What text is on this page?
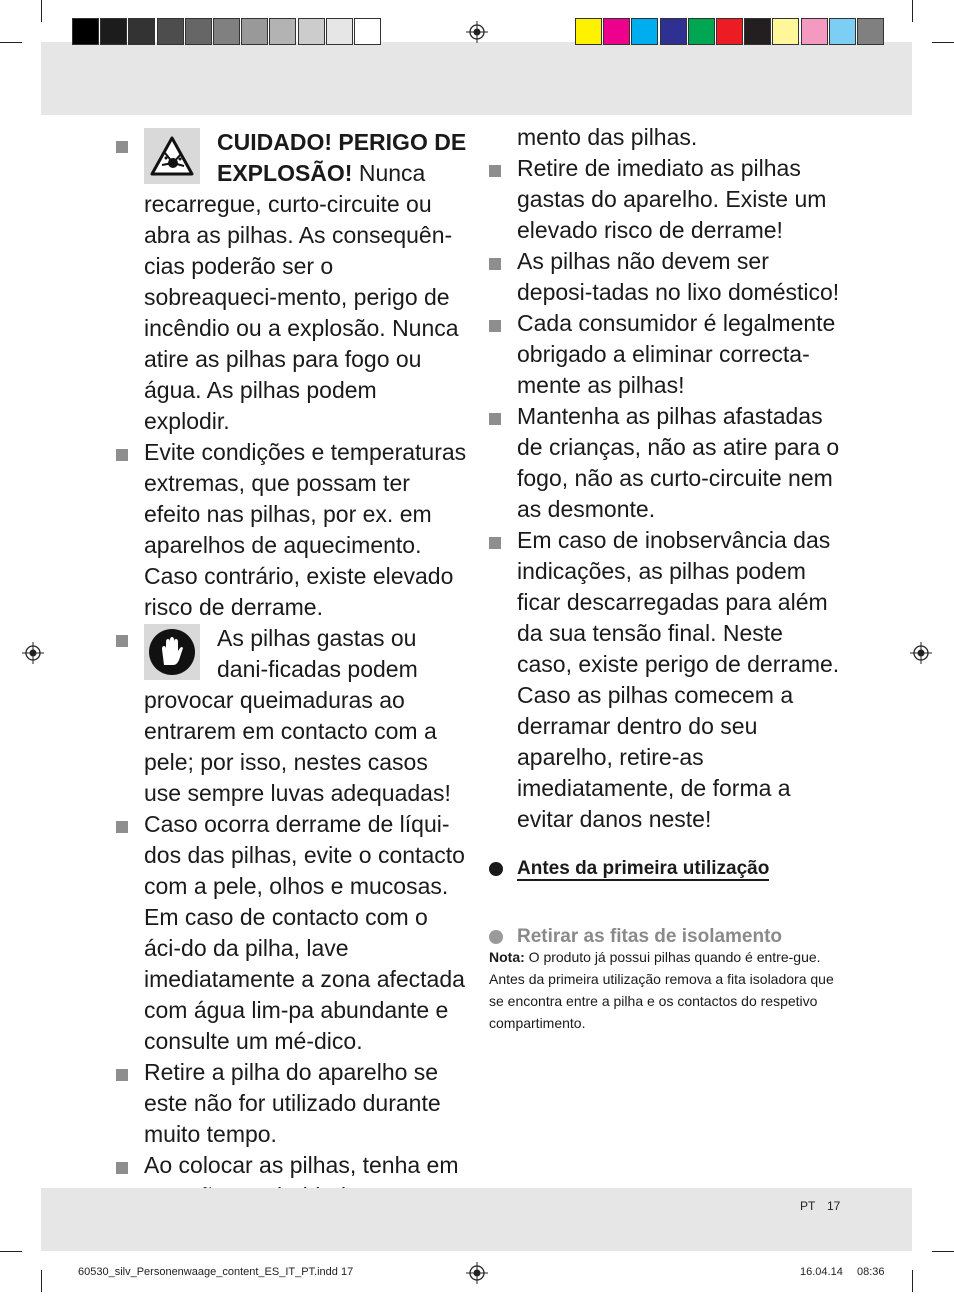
CUIDADO! PERIGO DE EXPLOSÃO! Nunca recarregue, curto-circuite ou abra as pilhas. As consequên-cias poderão ser o sobreaqueci-mento, perigo de incêndio ou a explosão. Nunca atire as pilhas para fogo ou água. As pilhas podem explodir.
Evite condições e temperaturas extremas, que possam ter efeito nas pilhas, por ex. em aparelhos de aquecimento. Caso contrário, existe elevado risco de derrame.
As pilhas gastas ou dani-ficadas podem provocar queimaduras ao entrarem em contacto com a pele; por isso, nestes casos use sempre luvas adequadas!
Caso ocorra derrame de líqui-dos das pilhas, evite o contacto com a pele, olhos e mucosas. Em caso de contacto com o áci-do da pilha, lave imediatamente a zona afectada com água lim-pa abundante e consulte um mé-dico.
Retire a pilha do aparelho se este não for utilizado durante muito tempo.
Ao colocar as pilhas, tenha em
mento das pilhas.
Retire de imediato as pilhas gastas do aparelho. Existe um elevado risco de derrame!
As pilhas não devem ser deposi-tadas no lixo doméstico!
Cada consumidor é legalmente obrigado a eliminar correcta-mente as pilhas!
Mantenha as pilhas afastadas de crianças, não as atire para o fogo, não as curto-circuite nem as desmonte.
Em caso de inobservância das indicações, as pilhas podem ficar descarregadas para além da sua tensão final. Neste caso, existe perigo de derrame. Caso as pilhas comecem a derramar dentro do seu aparelho, retire-as imediatamente, de forma a evitar danos neste!
Antes da primeira utilização
Retirar as fitas de isolamento
Nota: O produto já possui pilhas quando é entre-gue. Antes da primeira utilização remova a fita isoladora que se encontra entre a pilha e os contactos do respetivo compartimento.
PT 17
60530_silv_Personenwaage_content_ES_IT_PT.indd 17	16.04.14 08:36
